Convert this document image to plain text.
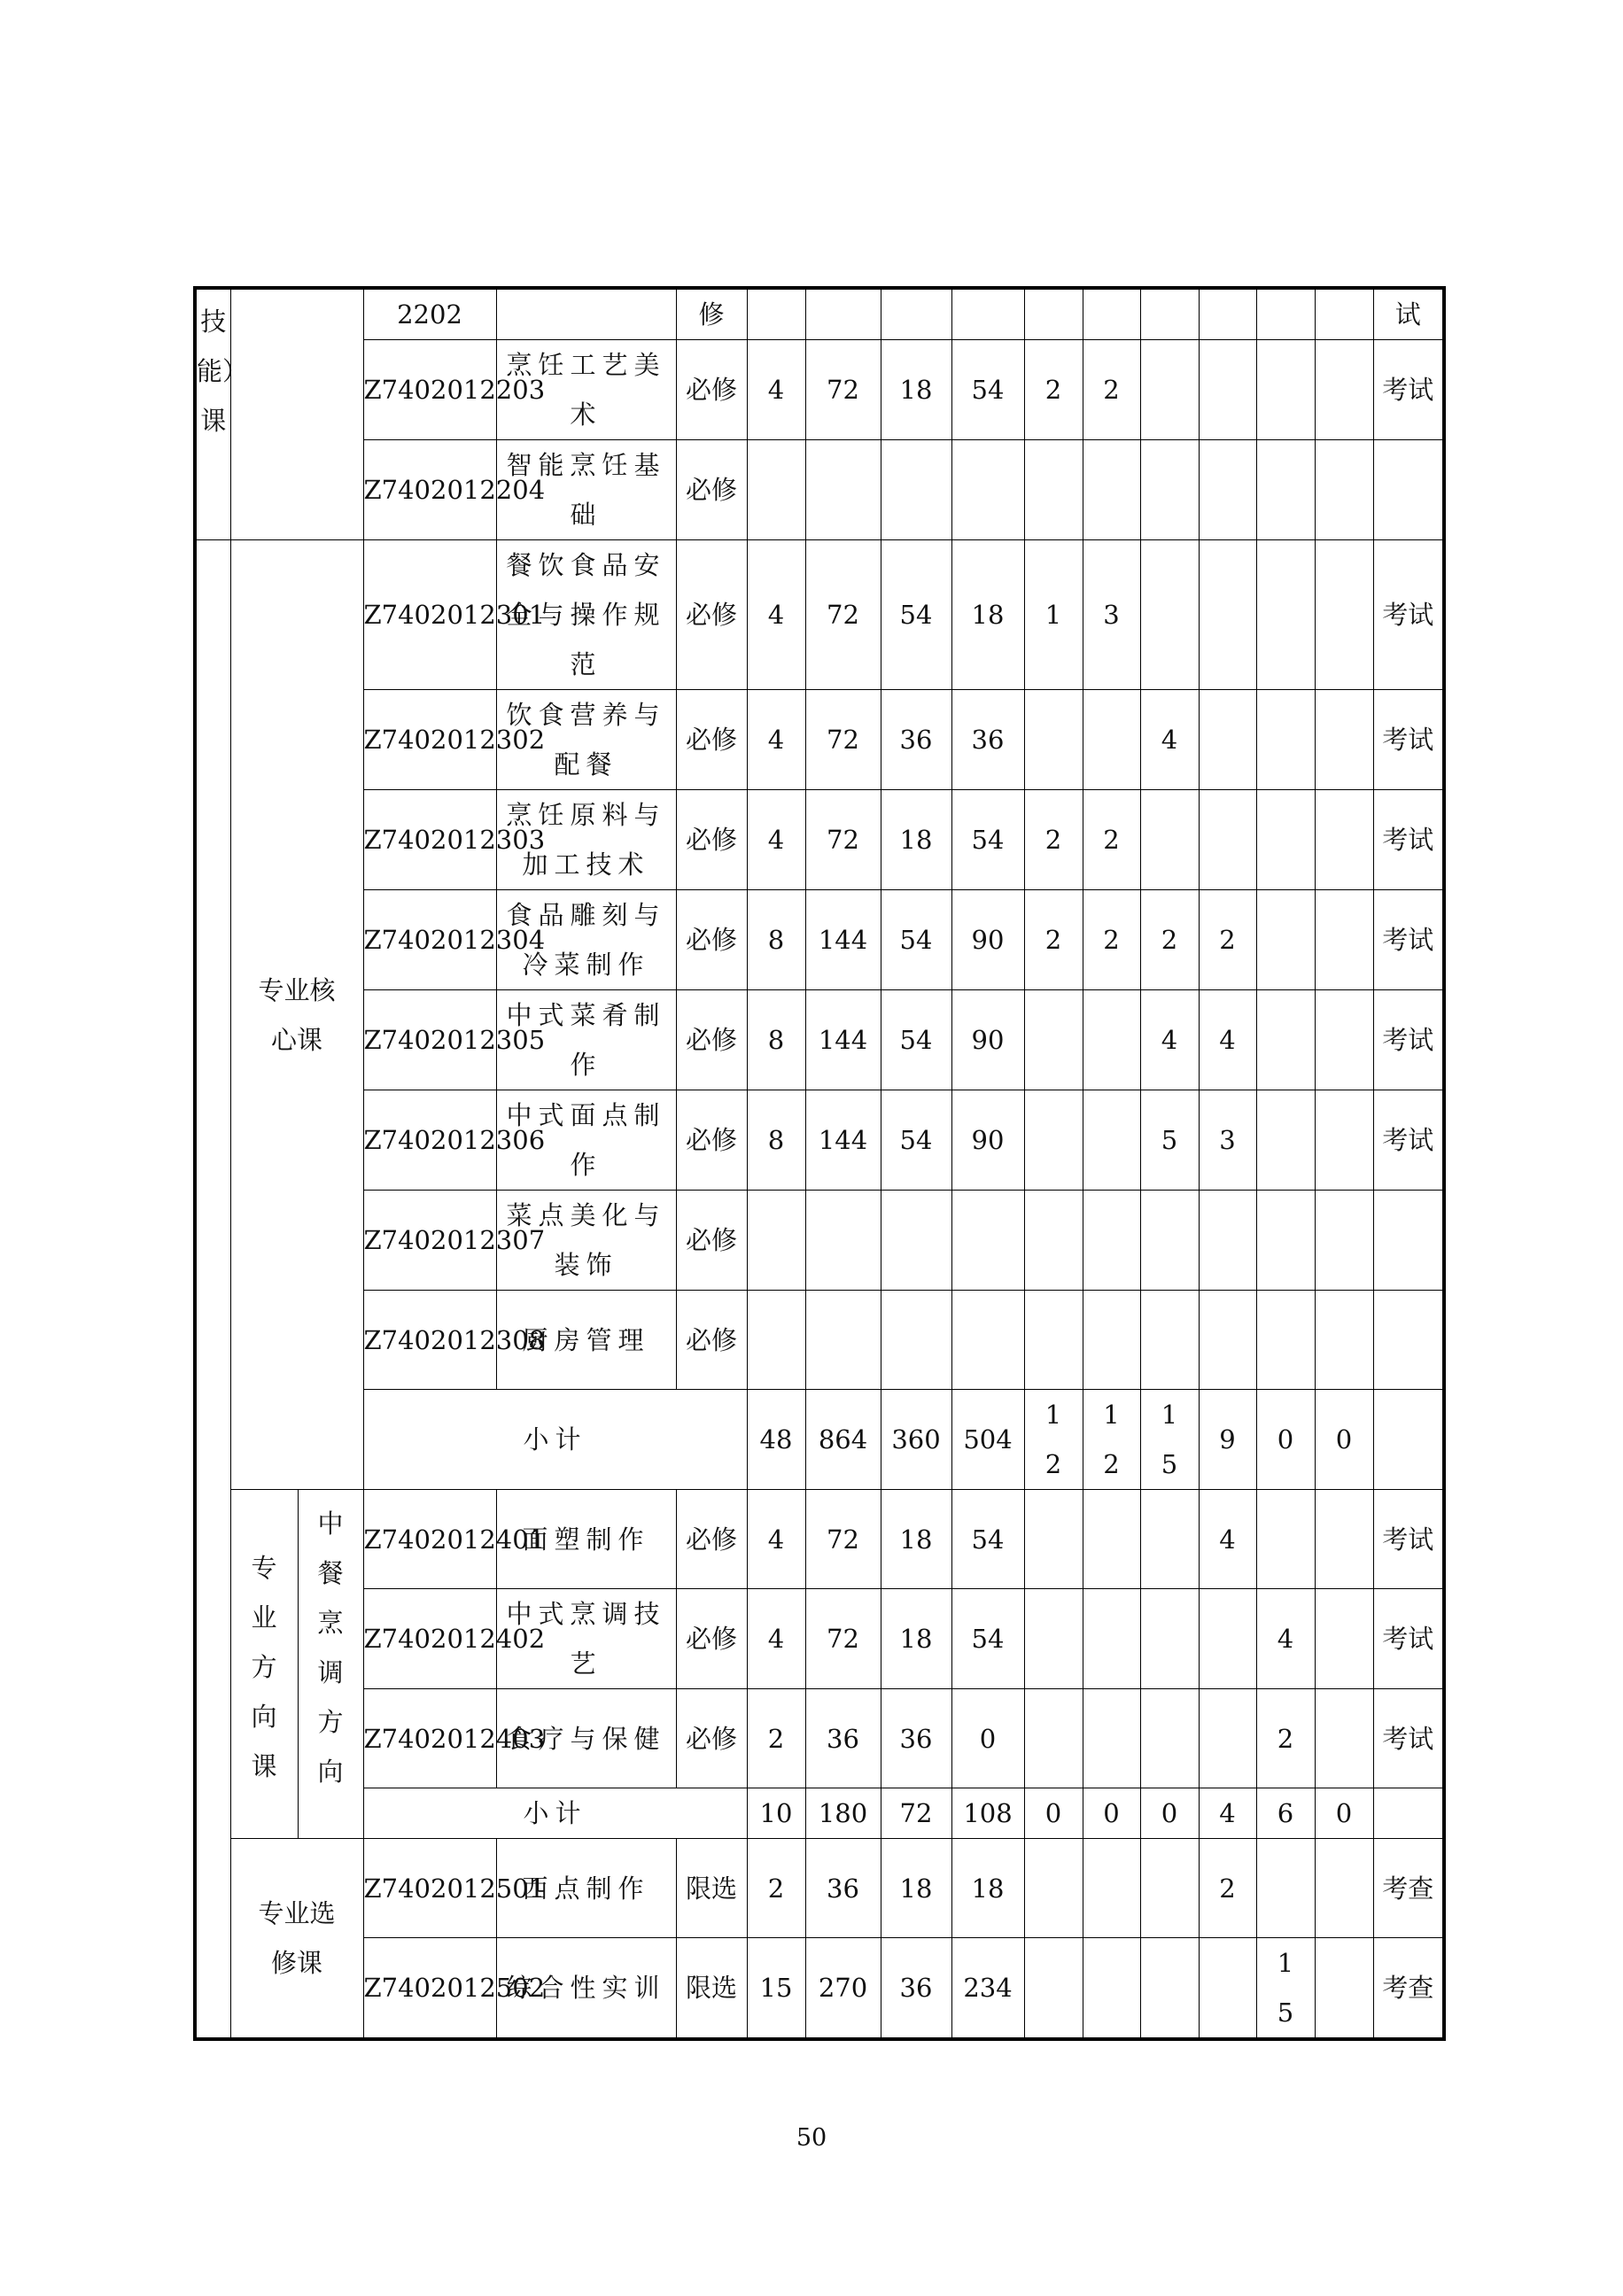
技能）课			2202		修											试
			Z7402012203	烹饪工艺美术	必修	4	72	18	54	2	2					考试
			Z7402012204	智能烹饪基础	必修											
	专业核心课		Z7402012301	餐饮食品安全与操作规范	必修	4	72	54	18	1	3					考试
			Z7402012302	饮食营养与配餐	必修	4	72	36	36			4				考试
			Z7402012303	烹饪原料与加工技术	必修	4	72	18	54	2	2					考试
			Z7402012304	食品雕刻与冷菜制作	必修	8	144	54	90	2	2	2	2			考试
			Z7402012305	中式菜肴制作	必修	8	144	54	90			4	4			考试
			Z7402012306	中式面点制作	必修	8	144	54	90			5	3			考试
			Z7402012307	菜点美化与装饰	必修											
			Z7402012308	厨房管理	必修											
			小计			48	864	360	504	12	12	15	9	0	0	
	专业方向课	中餐烹调方向	Z7402012401	面塑制作	必修	4	72	18	54				4			考试
			Z7402012402	中式烹调技艺	必修	4	72	18	54					4		考试
			Z7402012403	食疗与保健	必修	2	36	36	0					2		考试
			小计			10	180	72	108	0	0	0	4	6	0	
	专业选修课		Z7402012501	西点制作	限选	2	36	18	18				2			考查
			Z7402012502	综合性实训	限选	15	270	36	234					15		考查
50
